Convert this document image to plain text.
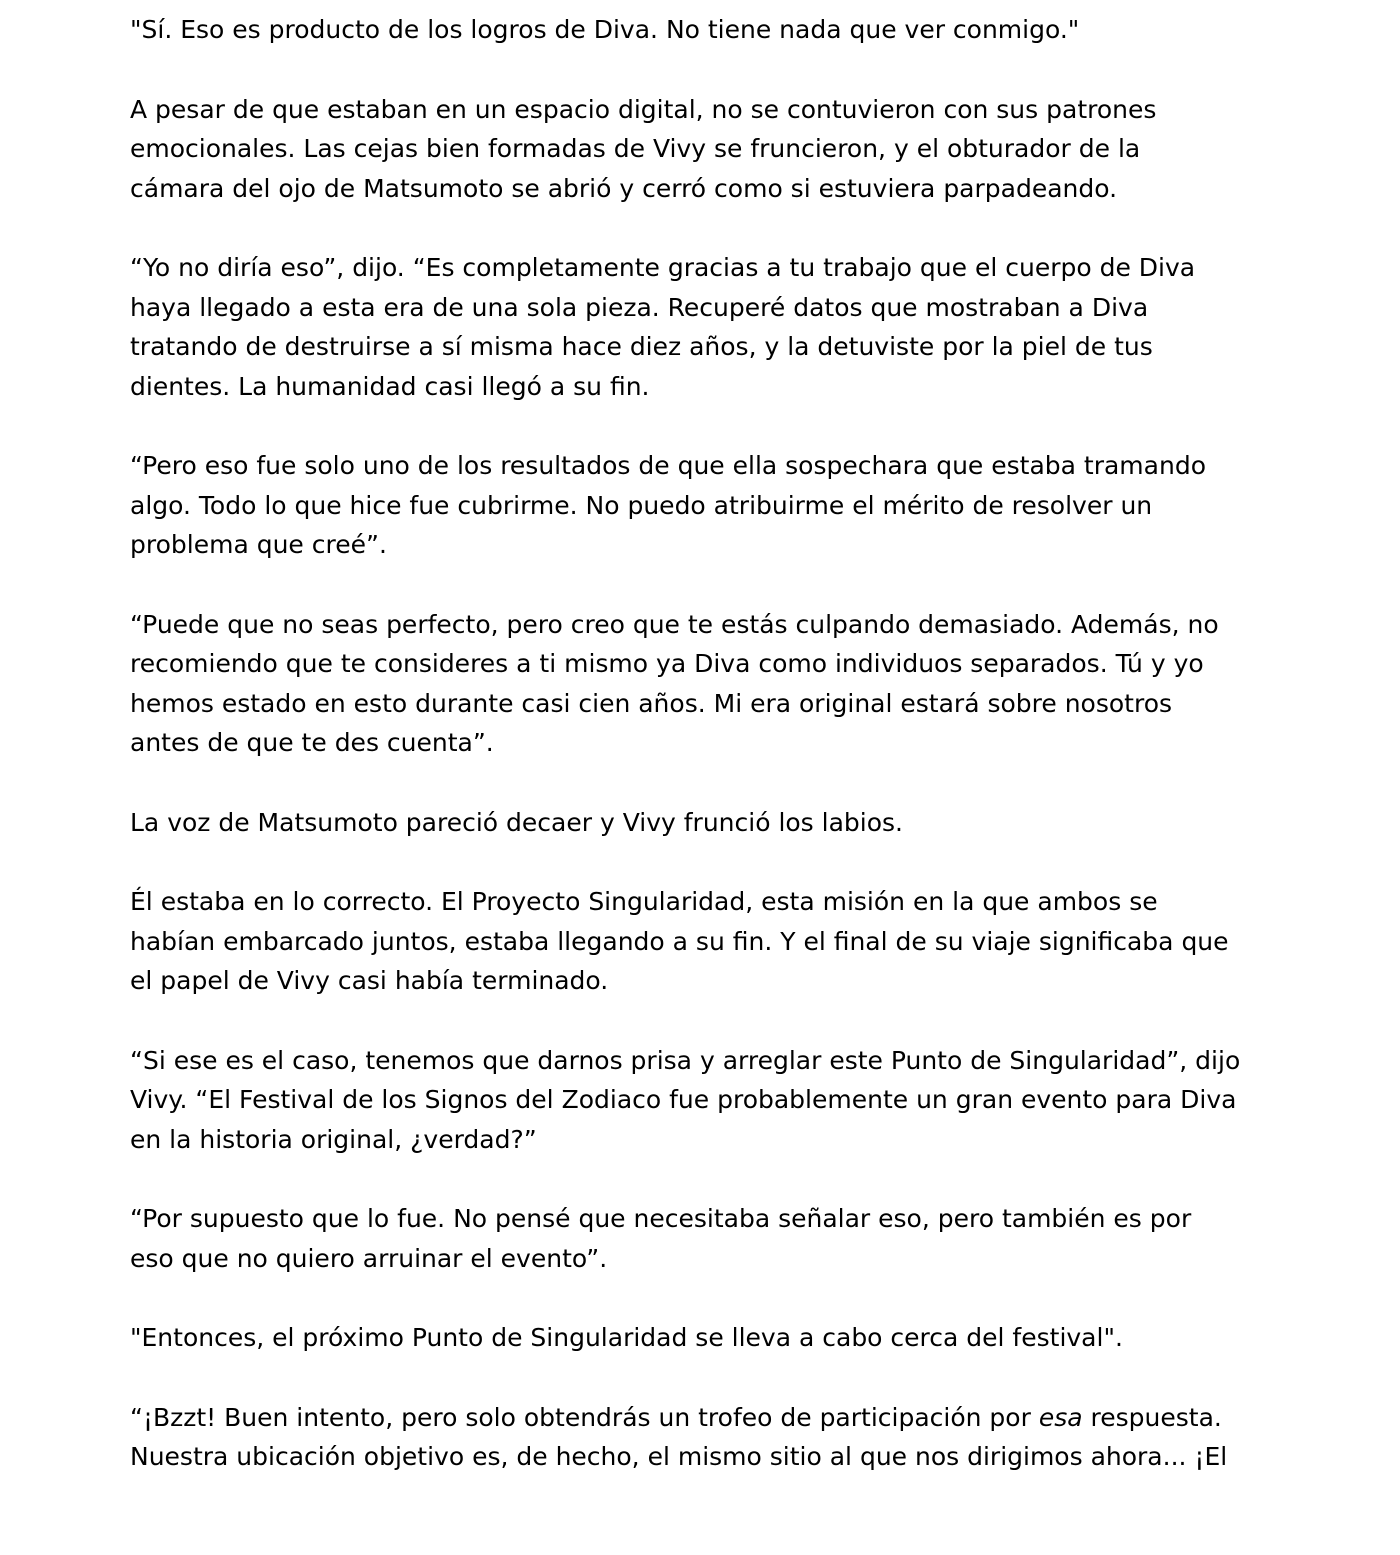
"Sí. Eso es producto de los logros de Diva. No tiene nada que ver conmigo."

A pesar de que estaban en un espacio digital, no se contuvieron con sus patrones
emocionales. Las cejas bien formadas de Vivy se fruncieron, y el obturador de la
cámara del ojo de Matsumoto se abrió y cerró como si estuviera parpadeando.

“Yo no diría eso”, dijo. “Es completamente gracias a tu trabajo que el cuerpo de Diva
haya llegado a esta era de una sola pieza. Recuperé datos que mostraban a Diva
tratando de destruirse a sí misma hace diez años, y la detuviste por la piel de tus
dientes. La humanidad casi llegó a su fin.

“Pero eso fue solo uno de los resultados de que ella sospechara que estaba tramando
algo. Todo lo que hice fue cubrirme. No puedo atribuirme el mérito de resolver un
problema que creé”.

“Puede que no seas perfecto, pero creo que te estás culpando demasiado. Además, no
recomiendo que te consideres a ti mismo ya Diva como individuos separados. Tú y yo
hemos estado en esto durante casi cien años. Mi era original estará sobre nosotros
antes de que te des cuenta”.

La voz de Matsumoto pareció decaer y Vivy frunció los labios.

Él estaba en lo correcto. El Proyecto Singularidad, esta misión en la que ambos se
habían embarcado juntos, estaba llegando a su fin. Y el final de su viaje significaba que
el papel de Vivy casi había terminado.

“Si ese es el caso, tenemos que darnos prisa y arreglar este Punto de Singularidad”, dijo
Vivy. “El Festival de los Signos del Zodiaco fue probablemente un gran evento para Diva
en la historia original, ¿verdad?”

“Por supuesto que lo fue. No pensé que necesitaba señalar eso, pero también es por
eso que no quiero arruinar el evento”.

"Entonces, el próximo Punto de Singularidad se lleva a cabo cerca del festival".

“¡Bzzt! Buen intento, pero solo obtendrás un trofeo de participación por esa respuesta.
Nuestra ubicación objetivo es, de hecho, el mismo sitio al que nos dirigimos ahora... ¡El
